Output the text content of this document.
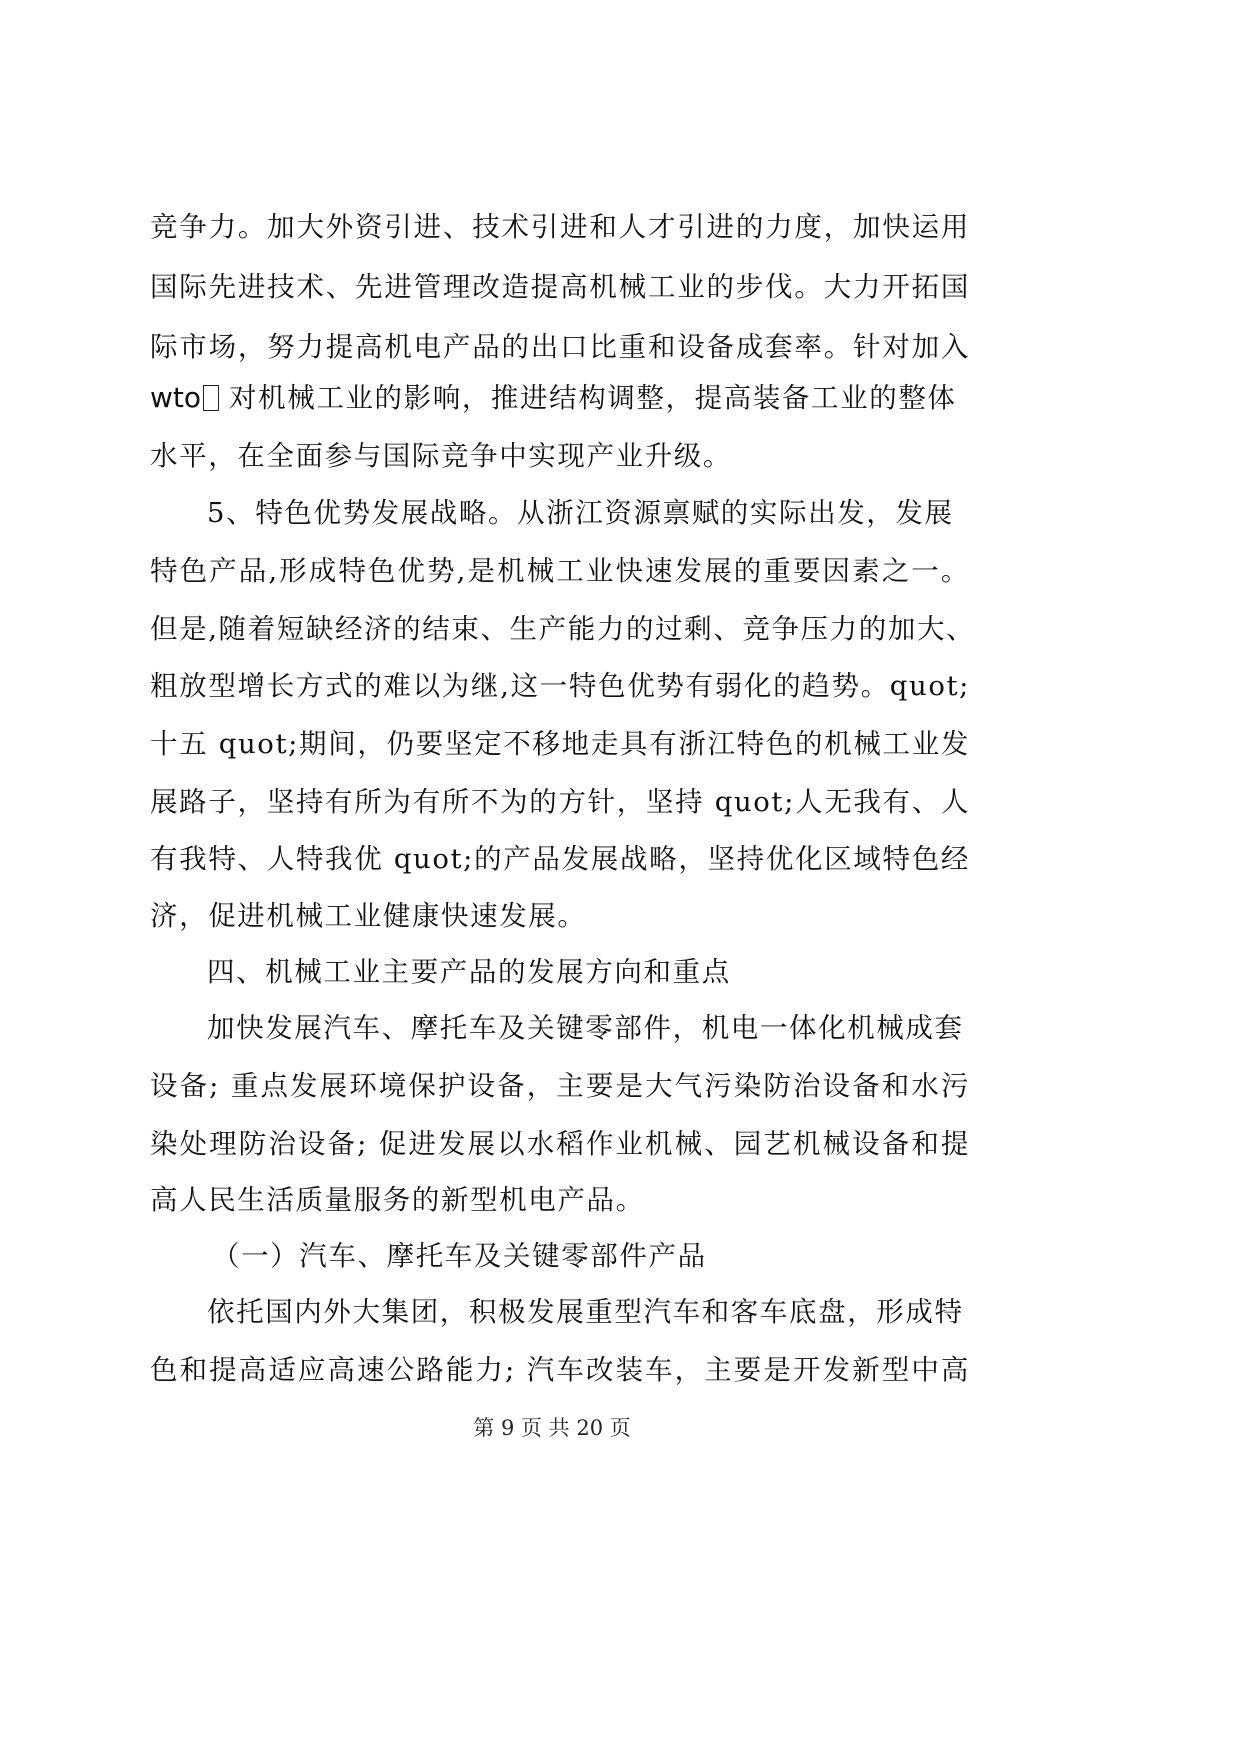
竞争力。加大外资引进、技术引进和人才引进的力度，加快运用
国际先进技术、先进管理改造提高机械工业的步伐。大力开拓国
际市场，努力提高机电产品的出口比重和设备成套率。针对加入
wto 对机械工业的影响，推进结构调整，提高装备工业的整体
水平，在全面参与国际竞争中实现产业升级。
5、特色优势发展战略。从浙江资源禀赋的实际出发，发展
特色产品,形成特色优势,是机械工业快速发展的重要因素之一。
但是,随着短缺经济的结束、生产能力的过剩、竞争压力的加大、
粗放型增长方式的难以为继,这一特色优势有弱化的趋势。quot;
十五 quot;期间，仍要坚定不移地走具有浙江特色的机械工业发
展路子，坚持有所为有所不为的方针，坚持 quot;人无我有、人
有我特、人特我优 quot;的产品发展战略，坚持优化区域特色经
济，促进机械工业健康快速发展。
四、机械工业主要产品的发展方向和重点
加快发展汽车、摩托车及关键零部件，机电一体化机械成套
设备; 重点发展环境保护设备，主要是大气污染防治设备和水污
染处理防治设备; 促进发展以水稻作业机械、园艺机械设备和提
高人民生活质量服务的新型机电产品。
（一）汽车、摩托车及关键零部件产品
依托国内外大集团，积极发展重型汽车和客车底盘，形成特
色和提高适应高速公路能力; 汽车改装车，主要是开发新型中高
第 9 页 共 20 页
